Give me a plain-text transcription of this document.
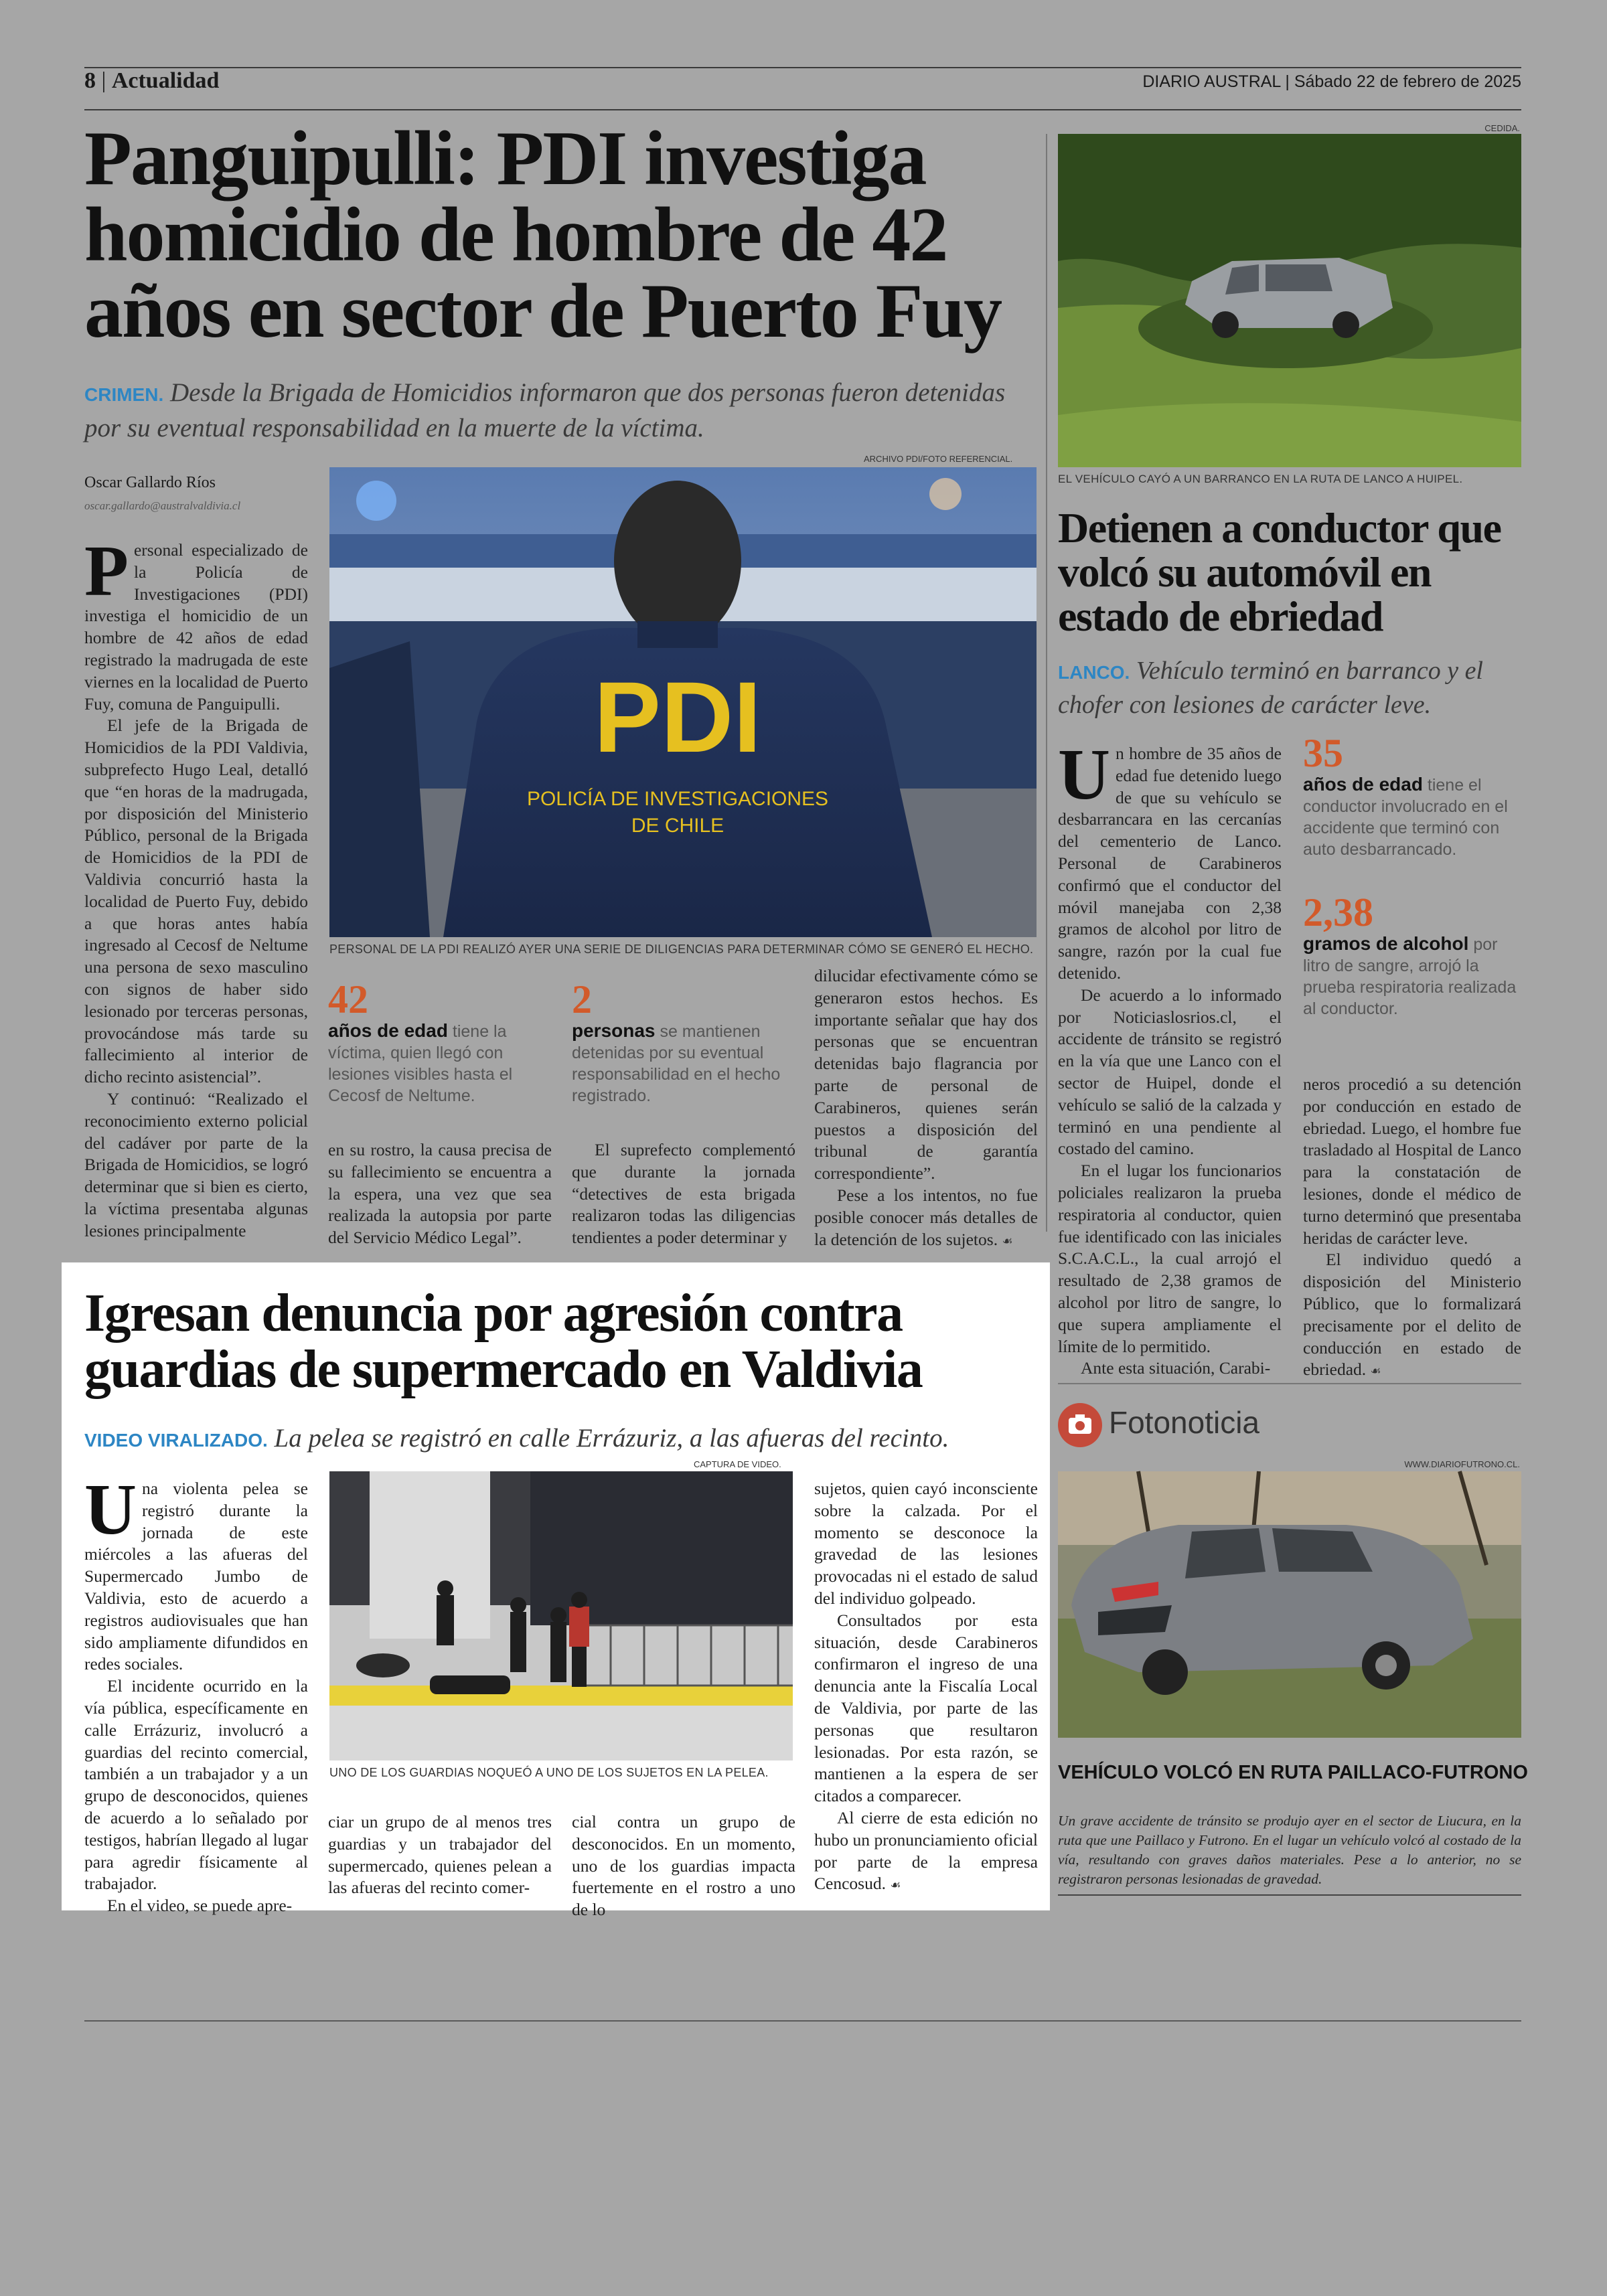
8 | Actualidad	DIARIO AUSTRAL | Sábado 22 de febrero de 2025
Panguipulli: PDI investiga homicidio de hombre de 42 años en sector de Puerto Fuy
CRIMEN. Desde la Brigada de Homicidios informaron que dos personas fueron detenidas por su eventual responsabilidad en la muerte de la víctima.
Oscar Gallardo Ríos
oscar.gallardo@australvaldivia.cl
ARCHIVO PDI/FOTO REFERENCIAL.
PDI
POLICÍA DE INVESTIGACIONES
DE CHILE
PERSONAL DE LA PDI REALIZÓ AYER UNA SERIE DE DILIGENCIAS PARA DETERMINAR CÓMO SE GENERÓ EL HECHO.

Personal especializado de la Policía de Investigaciones (PDI) investiga el homicidio de un hombre de 42 años de edad registrado la madrugada de este viernes en la localidad de Puerto Fuy, comuna de Panguipulli.

El jefe de la Brigada de Homicidios de la PDI Valdivia, subprefecto Hugo Leal, detalló que “en horas de la madrugada, por disposición del Ministerio Público, personal de la Brigada de Homicidios de la PDI de Valdivia concurrió hasta la localidad de Puerto Fuy, debido a que horas antes había ingresado al Cecosf de Neltume una persona de sexo masculino con signos de haber sido lesionado por terceras personas, provocándose más tarde su fallecimiento al interior de dicho recinto asistencial”.

Y continuó: “Realizado el reconocimiento externo policial del cadáver por parte de la Brigada de Homicidios, se logró determinar que si bien es cierto, la víctima presentaba algunas lesiones principalmente

42
años de edad tiene la víctima, quien llegó con lesiones visibles hasta el Cecosf de Neltume.
2
personas se mantienen detenidas por su eventual responsabilidad en el hecho registrado.

en su rostro, la causa precisa de su fallecimiento se encuentra a la espera, una vez que sea realizada la autopsia por parte del Servicio Médico Legal”.

El suprefecto complementó que durante la jornada “detectives de esta brigada realizaron todas las diligencias tendientes a poder determinar y

dilucidar efectivamente cómo se generaron estos hechos. Es importante señalar que hay dos personas que se encuentran detenidas bajo flagrancia por parte de personal de Carabineros, quienes serán puestos a disposición del tribunal de garantía correspondiente”.

Pese a los intentos, no fue posible conocer más detalles de la detención de los sujetos. ☙

Igresan denuncia por agresión contra guardias de supermercado en Valdivia
VIDEO VIRALIZADO. La pelea se registró en calle Errázuriz, a las afueras del recinto.
CAPTURA DE VIDEO.
UNO DE LOS GUARDIAS NOQUEÓ A UNO DE LOS SUJETOS EN LA PELEA.

Una violenta pelea se registró durante la jornada de este miércoles a las afueras del Supermercado Jumbo de Valdivia, esto de acuerdo a registros audiovisuales que han sido ampliamente difundidos en redes sociales.

El incidente ocurrido en la vía pública, específicamente en calle Errázuriz, involucró a guardias del recinto comercial, también a un trabajador y a un grupo de desconocidos, quienes de acuerdo a lo señalado por testigos, habrían llegado al lugar para agredir físicamente al trabajador.

En el video, se puede apre-

ciar un grupo de al menos tres guardias y un trabajador del supermercado, quienes pelean a las afueras del recinto comer-

cial contra un grupo de desconocidos. En un momento, uno de los guardias impacta fuertemente en el rostro a uno de lo

sujetos, quien cayó inconsciente sobre la calzada. Por el momento se desconoce la gravedad de las lesiones provocadas ni el estado de salud del individuo golpeado.

Consultados por esta situación, desde Carabineros confirmaron el ingreso de una denuncia ante la Fiscalía Local de Valdivia, por parte de las personas que resultaron lesionadas. Por esta razón, se mantienen a la espera de ser citados a comparecer.

Al cierre de esta edición no hubo un pronunciamiento oficial por parte de la empresa Cencosud. ☙

CEDIDA.
EL VEHÍCULO CAYÓ A UN BARRANCO EN LA RUTA DE LANCO A HUIPEL.
Detienen a conductor que volcó su automóvil en estado de ebriedad
LANCO. Vehículo terminó en barranco y el chofer con lesiones de carácter leve.

Un hombre de 35 años de edad fue detenido luego de que su vehículo se desbarrancara en las cercanías del cementerio de Lanco. Personal de Carabineros confirmó que el conductor del móvil manejaba con 2,38 gramos de alcohol por litro de sangre, razón por la cual fue detenido.

De acuerdo a lo informado por Noticiaslosrios.cl, el accidente de tránsito se registró en la vía que une Lanco con el sector de Huipel, donde el vehículo se salió de la calzada y terminó en una pendiente al costado del camino.

En el lugar los funcionarios policiales realizaron la prueba respiratoria al conductor, quien fue identificado con las iniciales S.C.A.C.L., la cual arrojó el resultado de 2,38 gramos de alcohol por litro de sangre, lo que supera ampliamente el límite de lo permitido.

Ante esta situación, Carabi-

35
años de edad tiene el conductor involucrado en el accidente que terminó con auto desbarrancado.
2,38
gramos de alcohol por litro de sangre, arrojó la prueba respiratoria realizada al conductor.

neros procedió a su detención por conducción en estado de ebriedad. Luego, el hombre fue trasladado al Hospital de Lanco para la constatación de lesiones, donde el médico de turno determinó que presentaba heridas de carácter leve.

El individuo quedó a disposición del Ministerio Público, que lo formalizará precisamente por el delito de conducción en estado de ebriedad. ☙

Fotonoticia
WWW.DIARIOFUTRONO.CL.
VEHÍCULO VOLCÓ EN RUTA PAILLACO-FUTRONO
Un grave accidente de tránsito se produjo ayer en el sector de Liucura, en la ruta que une Paillaco y Futrono. En el lugar un vehículo volcó al costado de la vía, resultando con graves daños materiales. Pese a lo anterior, no se registraron personas lesionadas de gravedad.
